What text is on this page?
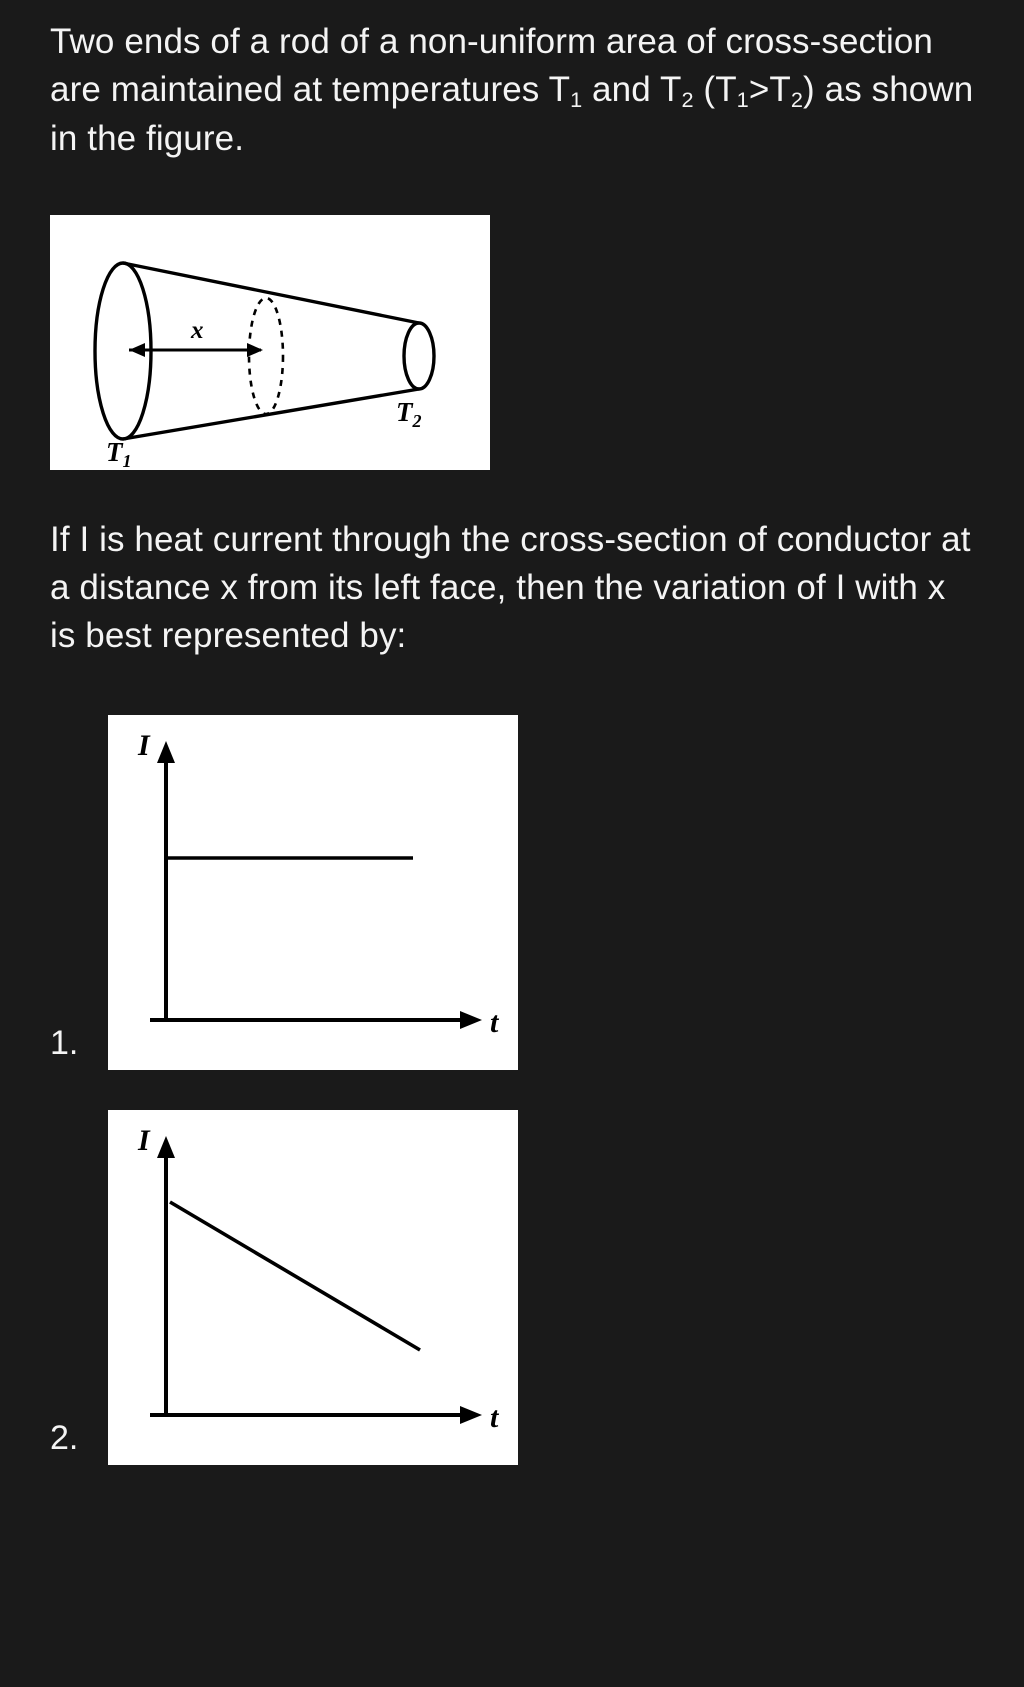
Two ends of a rod of a non-uniform area of cross-section are maintained at temperatures $T_1$ and $T_2$ $(T_1>T_2)$ as shown in the figure.

x
$T_1$
$T_2$

If I is heat current through the cross-section of conductor at a distance x from its left face, then the variation of I with x is best represented by:

1.
I
t
2.
I
t
